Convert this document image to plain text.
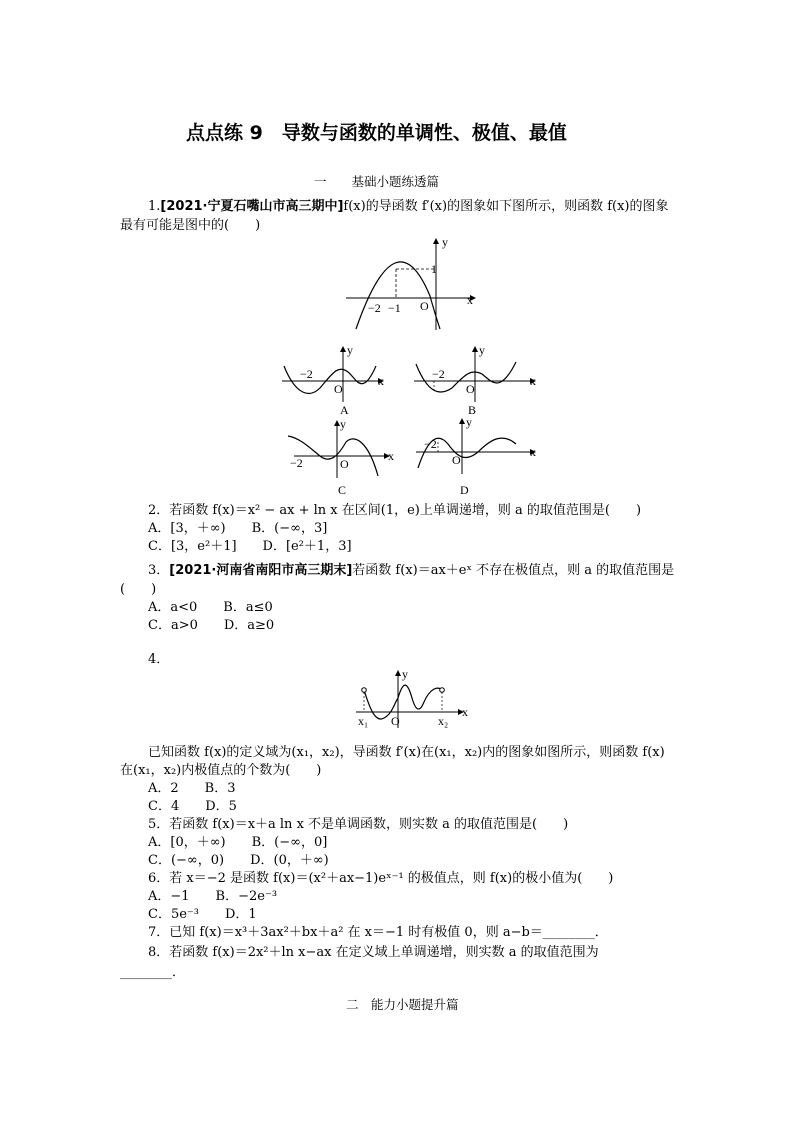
点点练 9　导数与函数的单调性、极值、最值
一　　基础小题练透篇
1.[2021·宁夏石嘴山市高三期中]f(x)的导函数 f′(x)的图象如下图所示，则函数 f(x)的图象
最有可能是图中的(　　)
y
x
1
−2 −1 O
y
x
−2
O
A
y
x
−2
O
B
y
x
−2	O
C
y
x
−2
O
D
2．若函数 f(x)＝x² − ax + ln x 在区间(1，e)上单调递增，则 a 的取值范围是(　　)
A．[3，＋∞)　　B．(−∞，3]
C．[3，e²＋1]　　D．[e²＋1，3]
3．[2021·河南省南阳市高三期末]若函数 f(x)＝ax＋eˣ 不存在极值点，则 a 的取值范围是
(　　)
A．a<0　　B．a≤0
C．a>0　　D．a≥0
4．
y
x
O
x₁	x₂
已知函数 f(x)的定义域为(x₁，x₂)，导函数 f′(x)在(x₁，x₂)内的图象如图所示，则函数 f(x)
在(x₁，x₂)内极值点的个数为(　　)
A．2　　B．3
C．4　　D．5
5．若函数 f(x)＝x＋a ln x 不是单调函数，则实数 a 的取值范围是(　　)
A．[0，＋∞)　　B．(−∞，0]
C．(−∞，0)　　D．(0，＋∞)
6．若 x＝−2 是函数 f(x)＝(x²＋ax−1)eˣ⁻¹ 的极值点，则 f(x)的极小值为(　　)
A．−1　　B．−2e⁻³
C．5e⁻³　　D．1
7．已知 f(x)＝x³＋3ax²＋bx＋a² 在 x＝−1 时有极值 0，则 a−b＝________．
8．若函数 f(x)＝2x²＋ln x−ax 在定义域上单调递增，则实数 a 的取值范围为
________．
二　能力小题提升篇
